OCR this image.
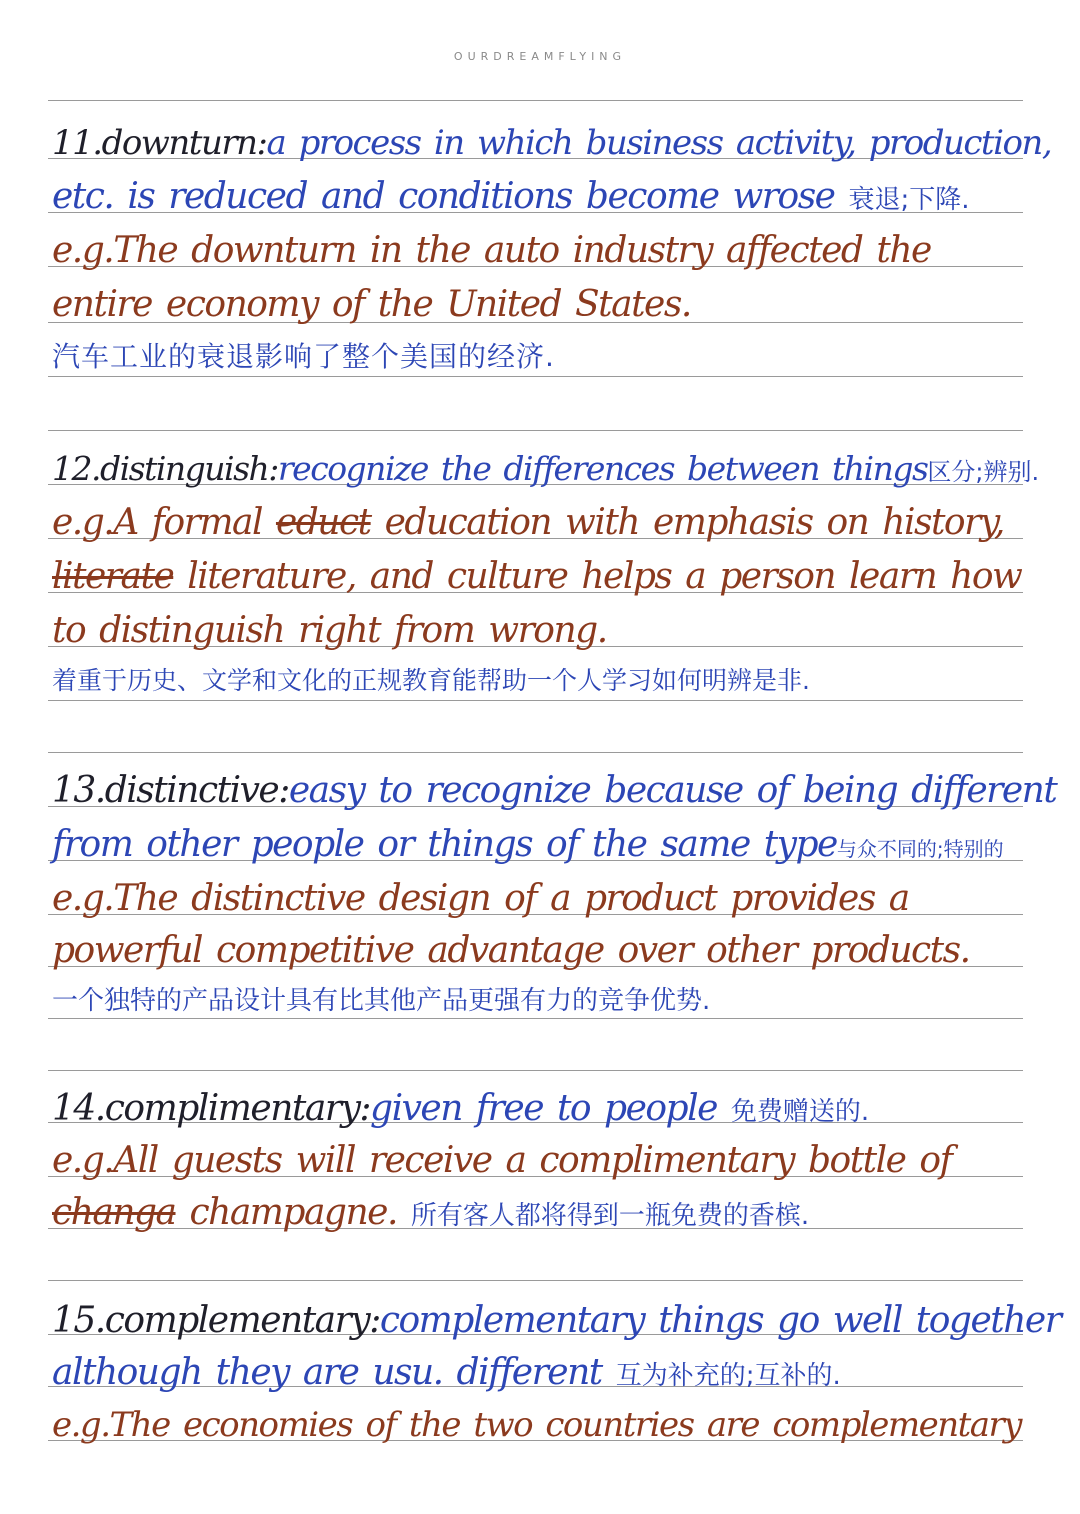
OURDREAMFLYING
11.downturn:a process in which business activity, production,
etc. is reduced and conditions become wrose 衰退;下降.
e.g.The downturn in the auto industry affected the
entire economy of the United States.
汽车工业的衰退影响了整个美国的经济.
12.distinguish:recognize the differences between things区分;辨别.
e.g.A formal educt education with emphasis on history,
literate literature, and culture helps a person learn how
to distinguish right from wrong.
着重于历史、文学和文化的正规教育能帮助一个人学习如何明辨是非.
13.distinctive:easy to recognize because of being different
from other people or things of the same type与众不同的;特别的
e.g.The distinctive design of a product provides a
powerful competitive advantage over other products.
一个独特的产品设计具有比其他产品更强有力的竞争优势.
14.complimentary:given free to people 免费赠送的.
e.g.All guests will receive a complimentary bottle of
changa champagne. 所有客人都将得到一瓶免费的香槟.
15.complementary:complementary things go well together
although they are usu. different 互为补充的;互补的.
e.g.The economies of the two countries are complementary
